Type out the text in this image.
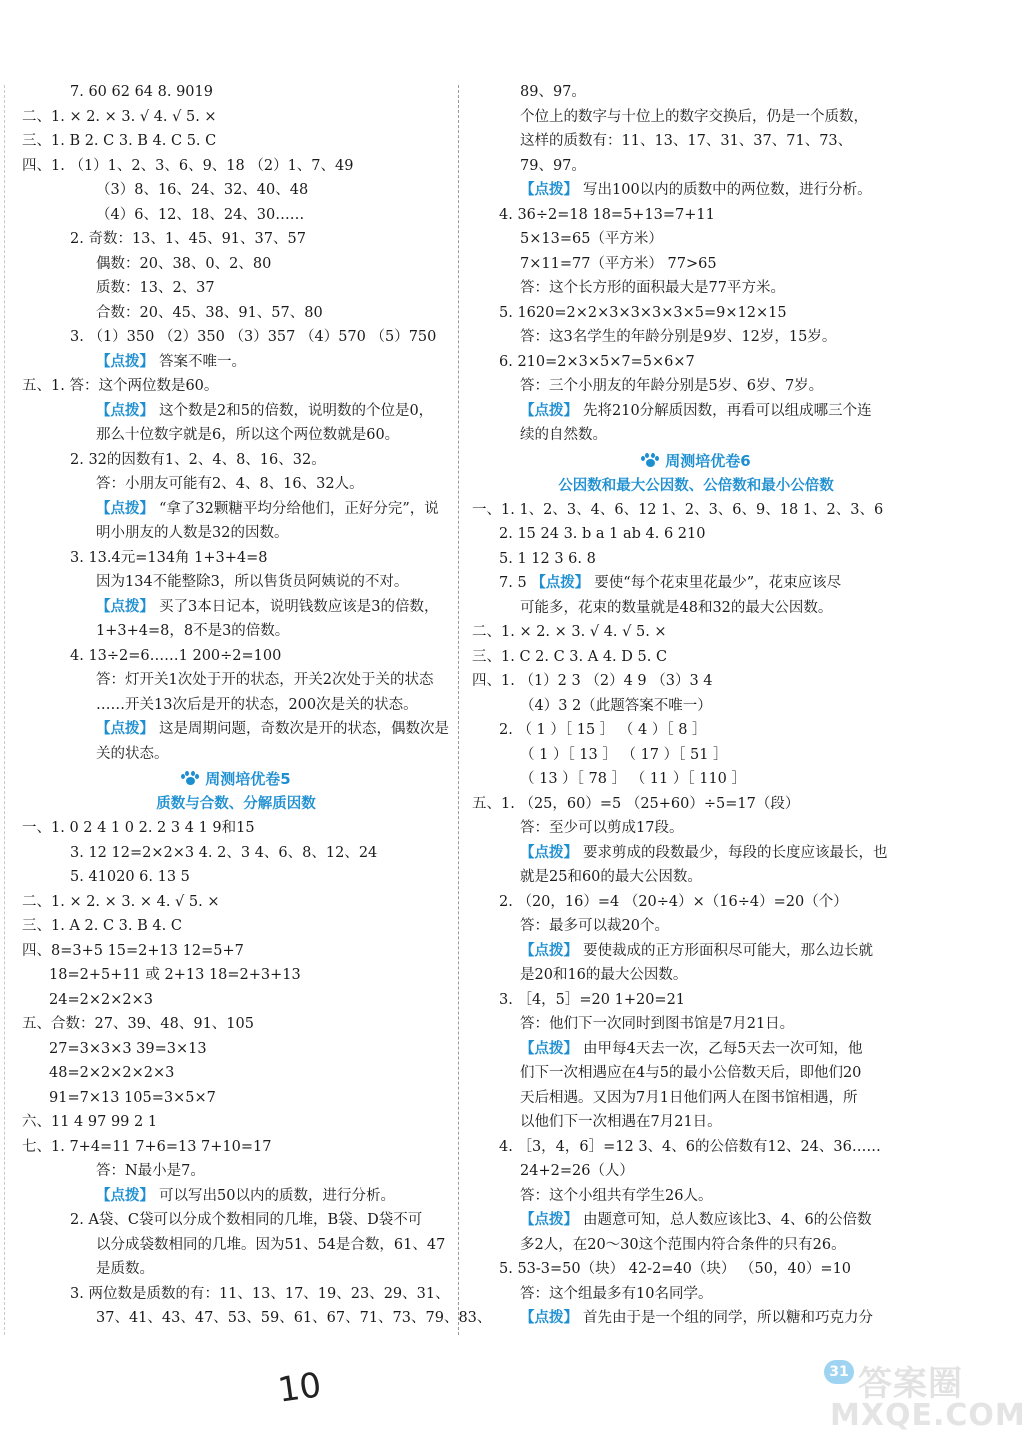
7. 60 62 64 8. 9019
二、1. × 2. × 3. √ 4. √ 5. ×
三、1. B 2. C 3. B 4. C 5. C
四、1. （1）1、2、3、6、9、18 （2）1、7、49
（3）8、16、24、32、40、48
（4）6、12、18、24、30……
2. 奇数：13、1、45、91、37、57
偶数：20、38、0、2、80
质数：13、2、37
合数：20、45、38、91、57、80
3. （1）350 （2）350 （3）357 （4）570 （5）750
【点拨】 答案不唯一。
五、1. 答：这个两位数是60。
【点拨】 这个数是2和5的倍数，说明数的个位是0，
那么十位数字就是6，所以这个两位数就是60。
2. 32的因数有1、2、4、8、16、32。
答：小朋友可能有2、4、8、16、32人。
【点拨】 “拿了32颗糖平均分给他们，正好分完”，说
明小朋友的人数是32的因数。
3. 13.4元=134角 1+3+4=8
因为134不能整除3，所以售货员阿姨说的不对。
【点拨】 买了3本日记本，说明钱数应该是3的倍数，
1+3+4=8，8不是3的倍数。
4. 13÷2=6……1 200÷2=100
答：灯开关1次处于开的状态，开关2次处于关的状态
……开关13次后是开的状态，200次是关的状态。
【点拨】 这是周期问题，奇数次是开的状态，偶数次是
关的状态。
周测培优卷5
质数与合数、分解质因数
一、1. 0 2 4 1 0 2. 2 3 4 1 9和15
3. 12 12=2×2×3 4. 2、3 4、6、8、12、24
5. 41020 6. 13 5
二、1. × 2. × 3. × 4. √ 5. ×
三、1. A 2. C 3. B 4. C
四、8=3+5 15=2+13 12=5+7
18=2+5+11 或 2+13 18=2+3+13
24=2×2×2×3
五、合数：27、39、48、91、105
27=3×3×3 39=3×13
48=2×2×2×2×3
91=7×13 105=3×5×7
六、11 4 97 99 2 1
七、1. 7+4=11 7+6=13 7+10=17
答：N最小是7。
【点拨】 可以写出50以内的质数，进行分析。
2. A袋、C袋可以分成个数相同的几堆，B袋、D袋不可
以分成袋数相同的几堆。因为51、54是合数，61、47
是质数。
3. 两位数是质数的有：11、13、17、19、23、29、31、
37、41、43、47、53、59、61、67、71、73、79、83、
89、97。
个位上的数字与十位上的数字交换后，仍是一个质数，
这样的质数有：11、13、17、31、37、71、73、
79、97。
【点拨】 写出100以内的质数中的两位数，进行分析。
4. 36÷2=18 18=5+13=7+11
5×13=65（平方米）
7×11=77（平方米） 77>65
答：这个长方形的面积最大是77平方米。
5. 1620=2×2×3×3×3×3×5=9×12×15
答：这3名学生的年龄分别是9岁、12岁，15岁。
6. 210=2×3×5×7=5×6×7
答：三个小朋友的年龄分别是5岁、6岁、7岁。
【点拨】 先将210分解质因数，再看可以组成哪三个连
续的自然数。
周测培优卷6
公因数和最大公因数、公倍数和最小公倍数
一、1. 1、2、3、4、6、12 1、2、3、6、9、18 1、2、3、6
2. 15 24 3. b a 1 ab 4. 6 210
5. 1 12 3 6. 8
7. 5 【点拨】 要使“每个花束里花最少”，花束应该尽
可能多，花束的数量就是48和32的最大公因数。
二、1. × 2. × 3. √ 4. √ 5. ×
三、1. C 2. C 3. A 4. D 5. C
四、1. （1）2 3 （2）4 9 （3）3 4
（4）3 2（此题答案不唯一）
2. （ 1 ）［ 15 ］ （ 4 ）［ 8 ］
（ 1 ）［ 13 ］ （ 17 ）［ 51 ］
（ 13 ）［ 78 ］ （ 11 ）［ 110 ］
五、1. （25，60）=5 （25+60）÷5=17（段）
答：至少可以剪成17段。
【点拨】 要求剪成的段数最少，每段的长度应该最长，也
就是25和60的最大公因数。
2. （20，16）=4 （20÷4）×（16÷4）=20（个）
答：最多可以裁20个。
【点拨】 要使裁成的正方形面积尽可能大，那么边长就
是20和16的最大公因数。
3. ［4，5］=20 1+20=21
答：他们下一次同时到图书馆是7月21日。
【点拨】 由甲每4天去一次，乙每5天去一次可知，他
们下一次相遇应在4与5的最小公倍数天后，即他们20
天后相遇。又因为7月1日他们两人在图书馆相遇，所
以他们下一次相遇在7月21日。
4. ［3，4，6］=12 3、4、6的公倍数有12、24、36……
24+2=26（人）
答：这个小组共有学生26人。
【点拨】 由题意可知，总人数应该比3、4、6的公倍数
多2人，在20～30这个范围内符合条件的只有26。
5. 53-3=50（块） 42-2=40（块） （50，40）=10
答：这个组最多有10名同学。
【点拨】 首先由于是一个组的同学，所以糖和巧克力分
10	31 答案圈
MXQE.COM
